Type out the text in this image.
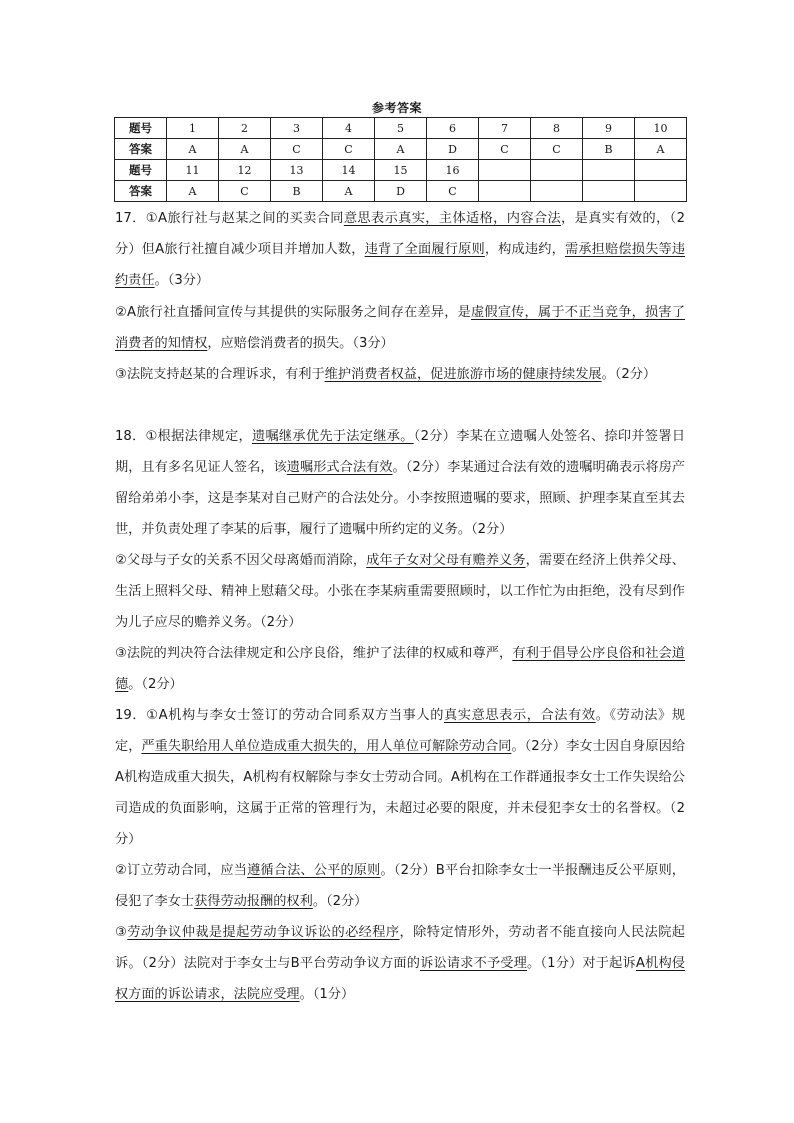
参考答案
题号	1	2	3	4	5	6	7	8	9	10
答案	A	A	C	C	A	D	C	C	B	A
题号	11	12	13	14	15	16				
答案	A	C	B	A	D	C				
17．①A旅行社与赵某之间的买卖合同意思表示真实，主体适格，内容合法，是真实有效的，（2分）但A旅行社擅自减少项目并增加人数，违背了全面履行原则，构成违约，需承担赔偿损失等违约责任。（3分）
②A旅行社直播间宣传与其提供的实际服务之间存在差异，是虚假宣传，属于不正当竞争，损害了消费者的知情权，应赔偿消费者的损失。（3分）
③法院支持赵某的合理诉求，有利于维护消费者权益，促进旅游市场的健康持续发展。（2分）
18．①根据法律规定，遗嘱继承优先于法定继承。（2分）李某在立遗嘱人处签名、捺印并签署日期，且有多名见证人签名，该遗嘱形式合法有效。（2分）李某通过合法有效的遗嘱明确表示将房产留给弟弟小李，这是李某对自己财产的合法处分。小李按照遗嘱的要求，照顾、护理李某直至其去世，并负责处理了李某的后事，履行了遗嘱中所约定的义务。（2分）
②父母与子女的关系不因父母离婚而消除，成年子女对父母有赡养义务，需要在经济上供养父母、生活上照料父母、精神上慰藉父母。小张在李某病重需要照顾时，以工作忙为由拒绝，没有尽到作为儿子应尽的赡养义务。（2分）
③法院的判决符合法律规定和公序良俗，维护了法律的权威和尊严，有利于倡导公序良俗和社会道德。（2分）
19．①A机构与李女士签订的劳动合同系双方当事人的真实意思表示，合法有效。《劳动法》规定，严重失职给用人单位造成重大损失的，用人单位可解除劳动合同。（2分）李女士因自身原因给A机构造成重大损失，A机构有权解除与李女士劳动合同。A机构在工作群通报李女士工作失误给公司造成的负面影响，这属于正常的管理行为，未超过必要的限度，并未侵犯李女士的名誉权。（2分）
②订立劳动合同，应当遵循合法、公平的原则。（2分）B平台扣除李女士一半报酬违反公平原则，侵犯了李女士获得劳动报酬的权利。（2分）
③劳动争议仲裁是提起劳动争议诉讼的必经程序，除特定情形外，劳动者不能直接向人民法院起诉。（2分）法院对于李女士与B平台劳动争议方面的诉讼请求不予受理。（1分）对于起诉A机构侵权方面的诉讼请求，法院应受理。（1分）
